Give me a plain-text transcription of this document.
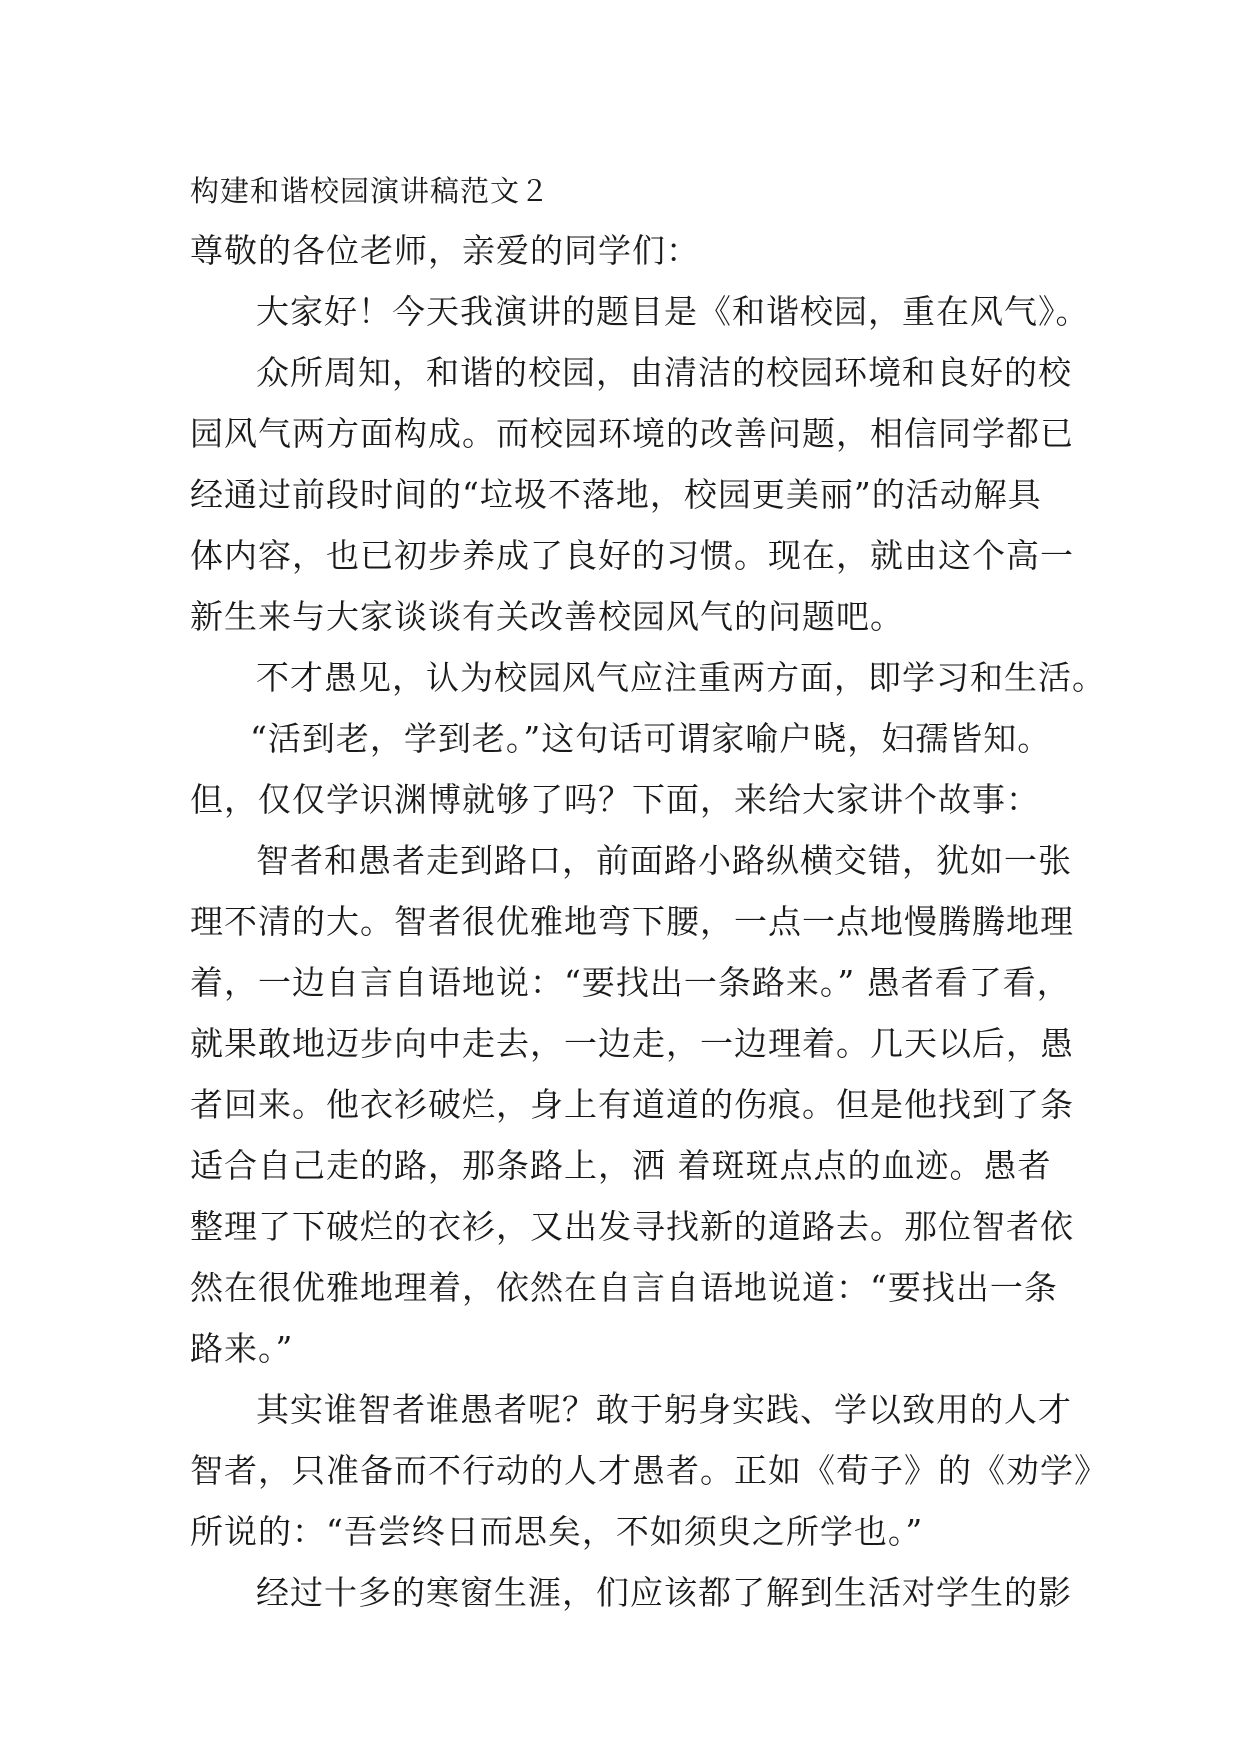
构建和谐校园演讲稿范文２
尊敬的各位老师，亲爱的同学们：
大家好！今天我演讲的题目是《和谐校园，重在风气》。
众所周知，和谐的校园，由清洁的校园环境和良好的校
园风气两方面构成。而校园环境的改善问题，相信同学都已
经通过前段时间的“垃圾不落地，校园更美丽”的活动解具
体内容，也已初步养成了良好的习惯。现在，就由这个高一
新生来与大家谈谈有关改善校园风气的问题吧。
不才愚见，认为校园风气应注重两方面，即学习和生活。
“活到老，学到老。”这句话可谓家喻户晓，妇孺皆知。
但，仅仅学识渊博就够了吗？下面，来给大家讲个故事：
智者和愚者走到路口，前面路小路纵横交错，犹如一张
理不清的大。智者很优雅地弯下腰，一点一点地慢腾腾地理
着，一边自言自语地说：“要找出一条路来。” 愚者看了看，
就果敢地迈步向中走去，一边走，一边理着。几天以后，愚
者回来。他衣衫破烂，身上有道道的伤痕。但是他找到了条
适合自己走的路，那条路上，洒 着斑斑点点的血迹。愚者
整理了下破烂的衣衫，又出发寻找新的道路去。那位智者依
然在很优雅地理着，依然在自言自语地说道：“要找出一条
路来。”
其实谁智者谁愚者呢？敢于躬身实践、学以致用的人才
智者，只准备而不行动的人才愚者。正如《荀子》的《劝学》
所说的：“吾尝终日而思矣，不如须臾之所学也。”
经过十多的寒窗生涯，们应该都了解到生活对学生的影
